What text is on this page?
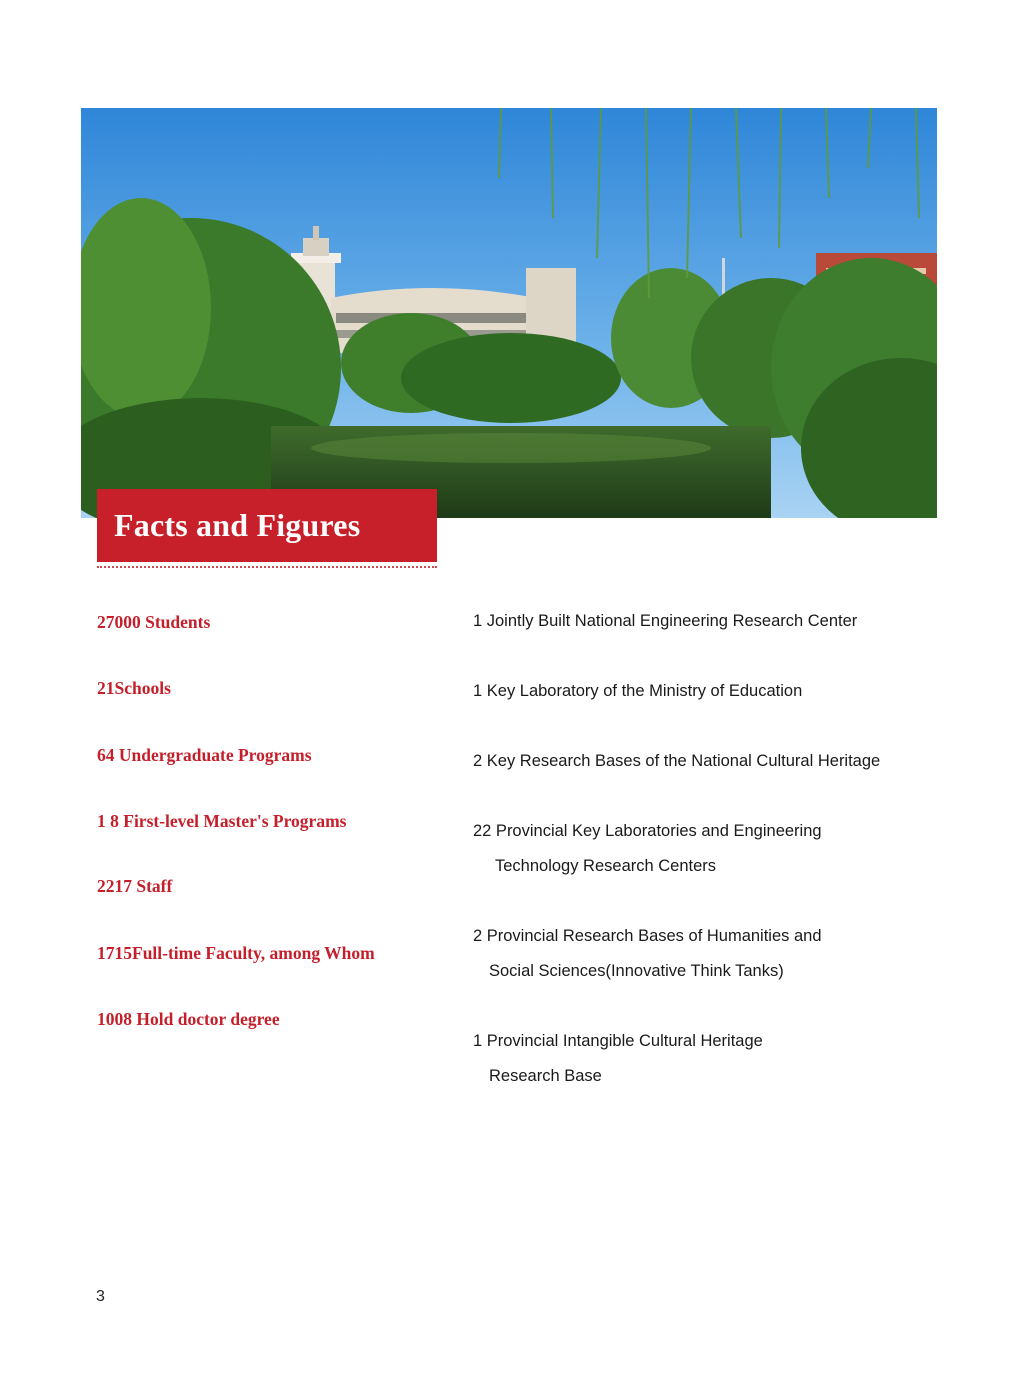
Facts and Figures
27000 Students
21Schools
64 Undergraduate Programs
1 8 First-level Master's Programs
2217 Staff
1715Full-time Faculty, among Whom
1008 Hold doctor degree
1 Jointly Built National Engineering Research Center
1 Key Laboratory of the Ministry of Education
2 Key Research Bases of the National Cultural Heritage
22 Provincial Key Laboratories and Engineering
Technology Research Centers
2 Provincial Research Bases of Humanities and
Social Sciences(Innovative Think Tanks)
1 Provincial Intangible Cultural Heritage
Research Base
3
